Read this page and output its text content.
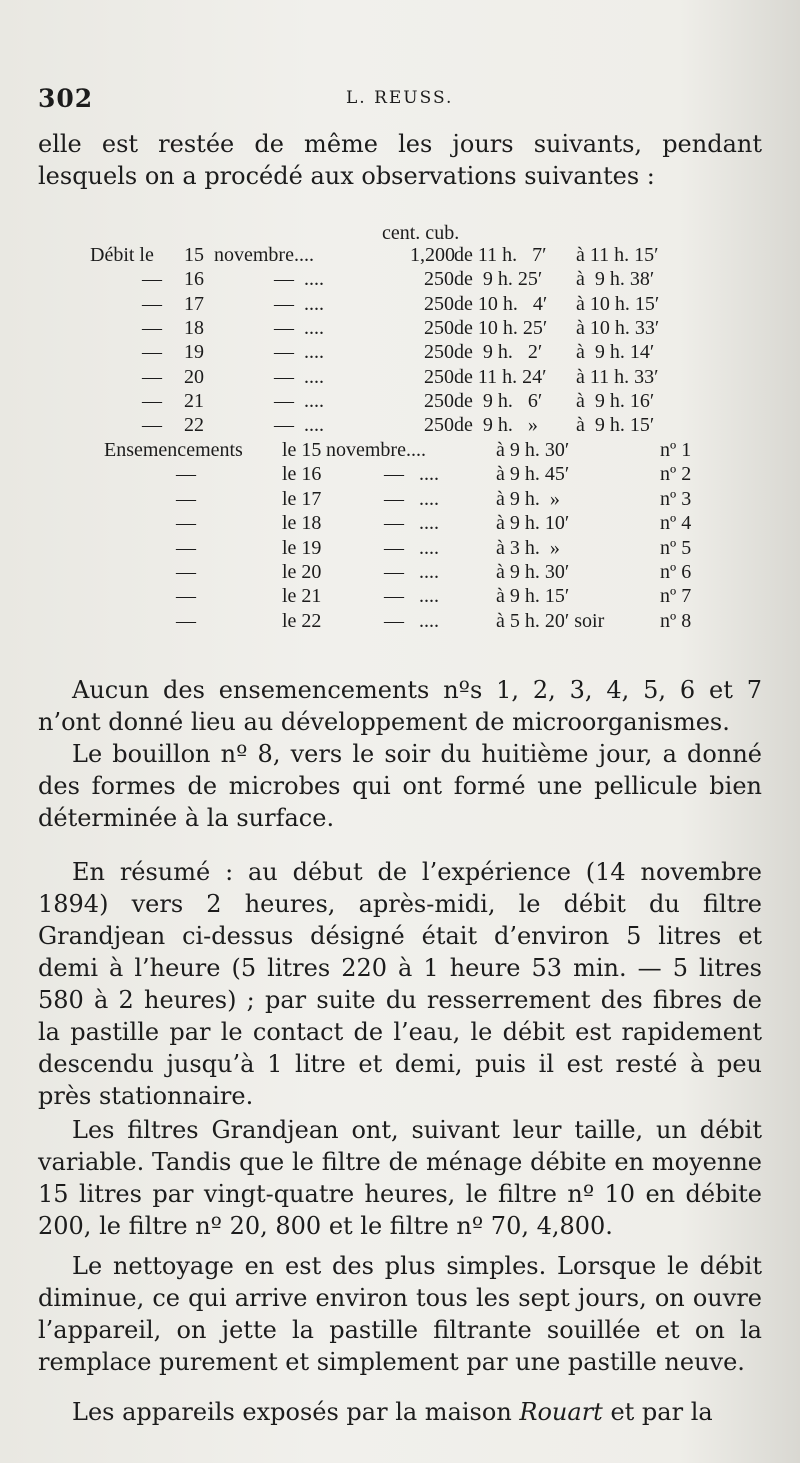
302	L. REUSS.

elle est restée de même les jours suivants, pendant lesquels on a procédé aux observations suivantes :

cent. cub.

Aucun des ensemencements nºs 1, 2, 3, 4, 5, 6 et 7 n’ont donné lieu au développement de microorganismes.

Le bouillon nº 8, vers le soir du huitième jour, a donné des formes de microbes qui ont formé une pellicule bien déterminée à la surface.

En résumé : au début de l’expérience (14 novembre 1894) vers 2 heures, après-midi, le débit du filtre Grandjean ci-dessus désigné était d’environ 5 litres et demi à l’heure (5 litres 220 à 1 heure 53 min. — 5 litres 580 à 2 heures) ; par suite du resserrement des fibres de la pastille par le contact de l’eau, le débit est rapidement descendu jusqu’à 1 litre et demi, puis il est resté à peu près stationnaire.

Les filtres Grandjean ont, suivant leur taille, un débit variable. Tandis que le filtre de ménage débite en moyenne 15 litres par vingt-quatre heures, le filtre nº 10 en débite 200, le filtre nº 20, 800 et le filtre nº 70, 4,800.

Le nettoyage en est des plus simples. Lorsque le débit diminue, ce qui arrive environ tous les sept jours, on ouvre l’appareil, on jette la pastille filtrante souillée et on la remplace purement et simplement par une pastille neuve.

Les appareils exposés par la maison Rouart et par la

Débit le 15 novembre....	1,200 de 11 h.   7′ à 11 h. 15′
— 16	—  ....	250 de  9 h. 25′ à  9 h. 38′
— 17	—  ....	250 de 10 h.   4′ à 10 h. 15′
— 18	—  ....	250 de 10 h. 25′ à 10 h. 33′
— 19	—  ....	250 de  9 h.   2′ à  9 h. 14′
— 20	—  ....	250 de 11 h. 24′ à 11 h. 33′
— 21	—  ....	250 de  9 h.   6′ à  9 h. 16′
— 22	—  ....	250 de  9 h.   » à  9 h. 15′
Ensemencements le 15 novembre....	à 9 h. 30′	nº 1
—	le 16	—   ....	à 9 h. 45′	nº 2
—	le 17	—   ....	à 9 h.  »	nº 3
—	le 18	—   ....	à 9 h. 10′	nº 4
—	le 19	—   ....	à 3 h.  »	nº 5
—	le 20	—   ....	à 9 h. 30′	nº 6
—	le 21	—   ....	à 9 h. 15′	nº 7
—	le 22	—   ....	à 5 h. 20′ soir	nº 8
